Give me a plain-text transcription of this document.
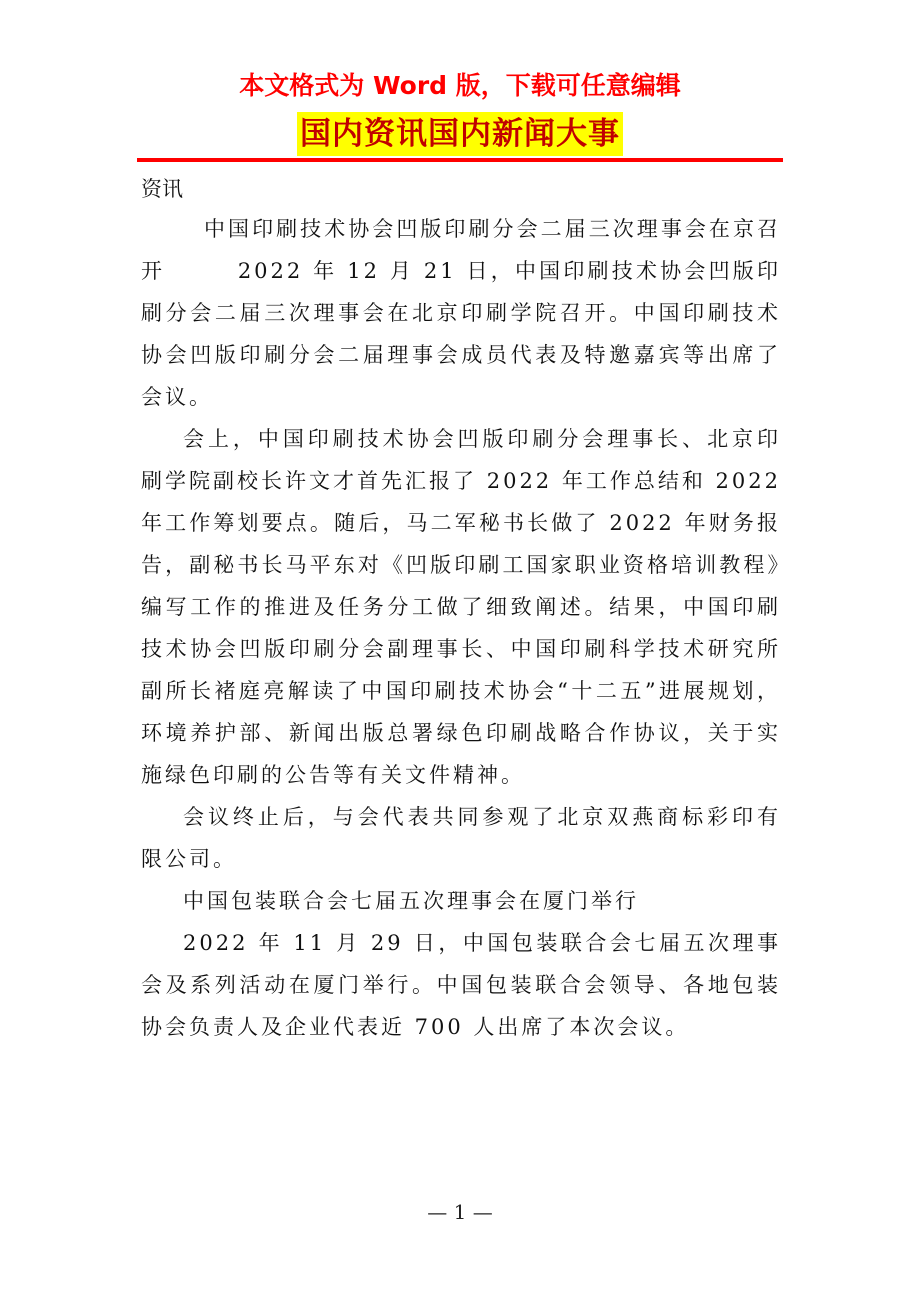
本文格式为 Word 版，下载可任意编辑
国内资讯国内新闻大事

资讯

中国印刷技术协会凹版印刷分会二届三次理事会在京召开　　　2022 年 12 月 21 日，中国印刷技术协会凹版印刷分会二届三次理事会在北京印刷学院召开。中国印刷技术协会凹版印刷分会二届理事会成员代表及特邀嘉宾等出席了会议。

会上，中国印刷技术协会凹版印刷分会理事长、北京印刷学院副校长许文才首先汇报了 2022 年工作总结和 2022 年工作筹划要点。随后，马二军秘书长做了 2022 年财务报告，副秘书长马平东对《凹版印刷工国家职业资格培训教程》编写工作的推进及任务分工做了细致阐述。结果，中国印刷技术协会凹版印刷分会副理事长、中国印刷科学技术研究所副所长褚庭亮解读了中国印刷技术协会“十二五”进展规划，环境养护部、新闻出版总署绿色印刷战略合作协议，关于实施绿色印刷的公告等有关文件精神。

会议终止后，与会代表共同参观了北京双燕商标彩印有限公司。

中国包装联合会七届五次理事会在厦门举行

2022 年 11 月 29 日，中国包装联合会七届五次理事会及系列活动在厦门举行。中国包装联合会领导、各地包装协会负责人及企业代表近 700 人出席了本次会议。

— 1 —
